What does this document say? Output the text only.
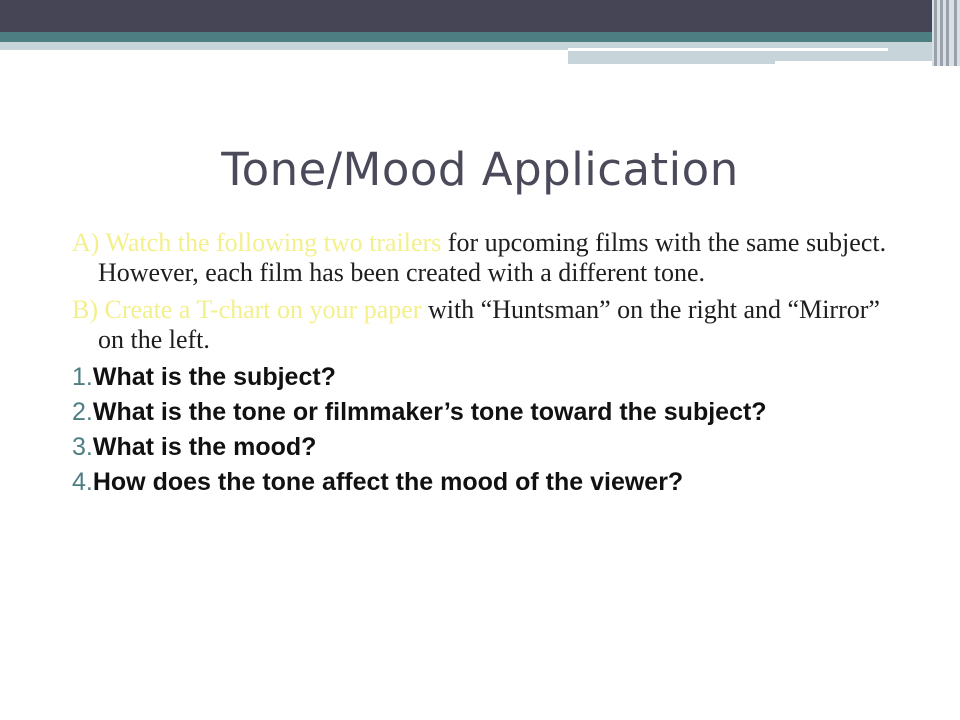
Tone/Mood Application

A) Watch the following two trailers for upcoming films with the same subject. However, each film has been created with a different tone.

B) Create a T-chart on your paper with “Huntsman” on the right and “Mirror” on the left.

1.What is the subject?

2.What is the tone or filmmaker’s tone toward the subject?

3.What is the mood?

4.How does the tone affect the mood of the viewer?
